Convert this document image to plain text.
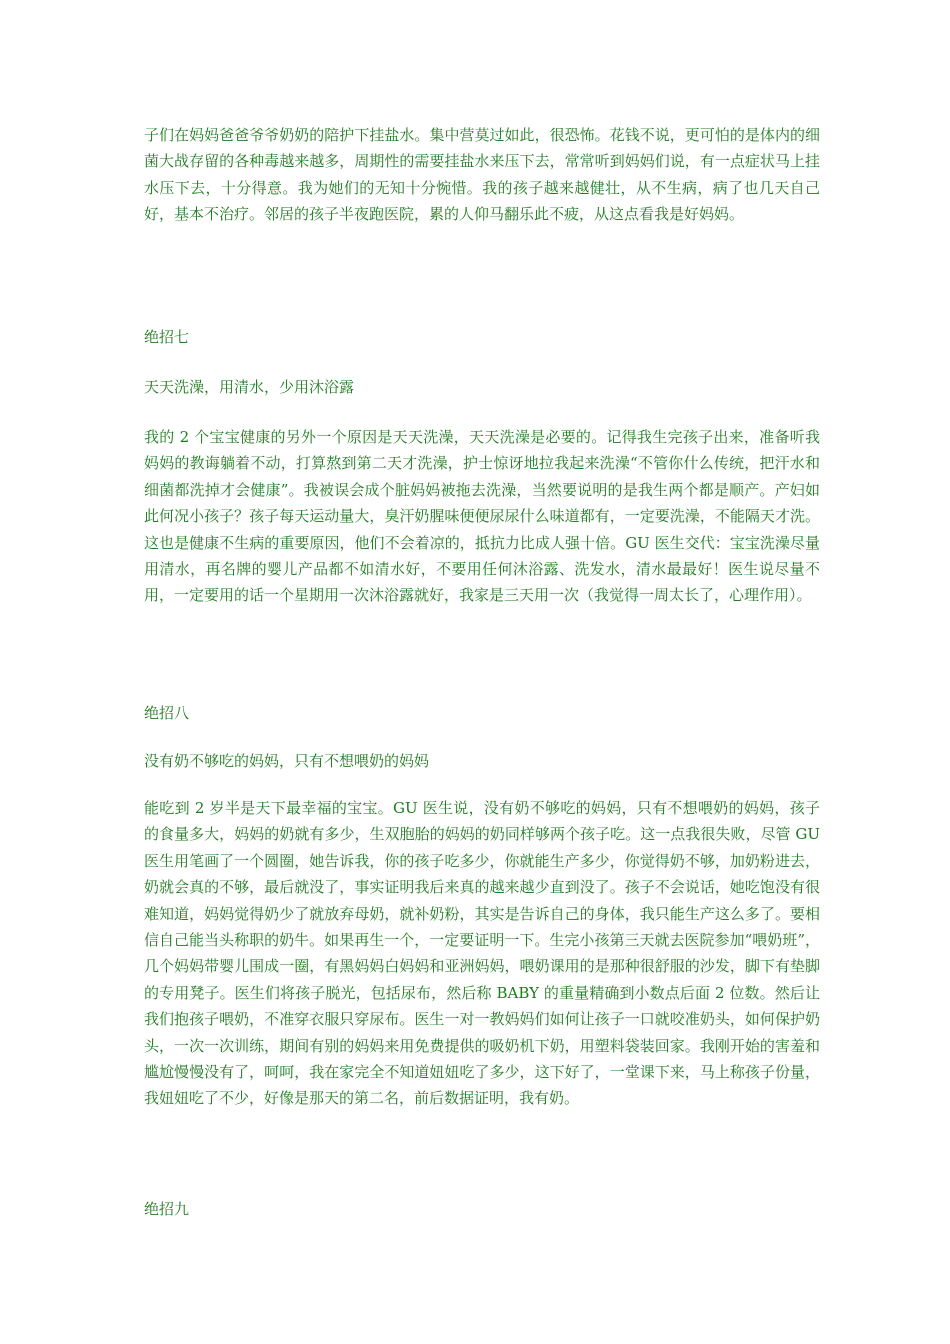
子们在妈妈爸爸爷爷奶奶的陪护下挂盐水。集中营莫过如此，很恐怖。花钱不说，更可怕的是体内的细菌大战存留的各种毒越来越多，周期性的需要挂盐水来压下去，常常听到妈妈们说，有一点症状马上挂水压下去，十分得意。我为她们的无知十分惋惜。我的孩子越来越健壮，从不生病，病了也几天自己好，基本不治疗。邻居的孩子半夜跑医院，累的人仰马翻乐此不疲，从这点看我是好妈妈。

绝招七

天天洗澡，用清水，少用沐浴露

我的 2 个宝宝健康的另外一个原因是天天洗澡，天天洗澡是必要的。记得我生完孩子出来，准备听我妈妈的教诲躺着不动，打算熬到第二天才洗澡，护士惊讶地拉我起来洗澡“不管你什么传统，把汗水和细菌都洗掉才会健康”。我被误会成个脏妈妈被拖去洗澡，当然要说明的是我生两个都是顺产。产妇如此何况小孩子？孩子每天运动量大，臭汗奶腥味便便尿尿什么味道都有，一定要洗澡，不能隔天才洗。这也是健康不生病的重要原因，他们不会着凉的，抵抗力比成人强十倍。GU 医生交代：宝宝洗澡尽量用清水，再名牌的婴儿产品都不如清水好，不要用任何沐浴露、洗发水，清水最最好！医生说尽量不用，一定要用的话一个星期用一次沐浴露就好，我家是三天用一次（我觉得一周太长了，心理作用）。

绝招八

没有奶不够吃的妈妈，只有不想喂奶的妈妈

能吃到 2 岁半是天下最幸福的宝宝。GU 医生说，没有奶不够吃的妈妈，只有不想喂奶的妈妈，孩子的食量多大，妈妈的奶就有多少，生双胞胎的妈妈的奶同样够两个孩子吃。这一点我很失败，尽管 GU 医生用笔画了一个圆圈，她告诉我，你的孩子吃多少，你就能生产多少，你觉得奶不够，加奶粉进去，奶就会真的不够，最后就没了，事实证明我后来真的越来越少直到没了。孩子不会说话，她吃饱没有很难知道，妈妈觉得奶少了就放弃母奶，就补奶粉，其实是告诉自己的身体，我只能生产这么多了。要相信自己能当头称职的奶牛。如果再生一个，一定要证明一下。生完小孩第三天就去医院参加“喂奶班”，几个妈妈带婴儿围成一圈，有黑妈妈白妈妈和亚洲妈妈，喂奶课用的是那种很舒服的沙发，脚下有垫脚的专用凳子。医生们将孩子脱光，包括尿布，然后称 BABY 的重量精确到小数点后面 2 位数。然后让我们抱孩子喂奶，不准穿衣服只穿尿布。医生一对一教妈妈们如何让孩子一口就咬准奶头，如何保护奶头，一次一次训练，期间有别的妈妈来用免费提供的吸奶机下奶，用塑料袋装回家。我刚开始的害羞和尴尬慢慢没有了，呵呵，我在家完全不知道妞妞吃了多少，这下好了，一堂课下来，马上称孩子份量，我妞妞吃了不少，好像是那天的第二名，前后数据证明，我有奶。

绝招九
